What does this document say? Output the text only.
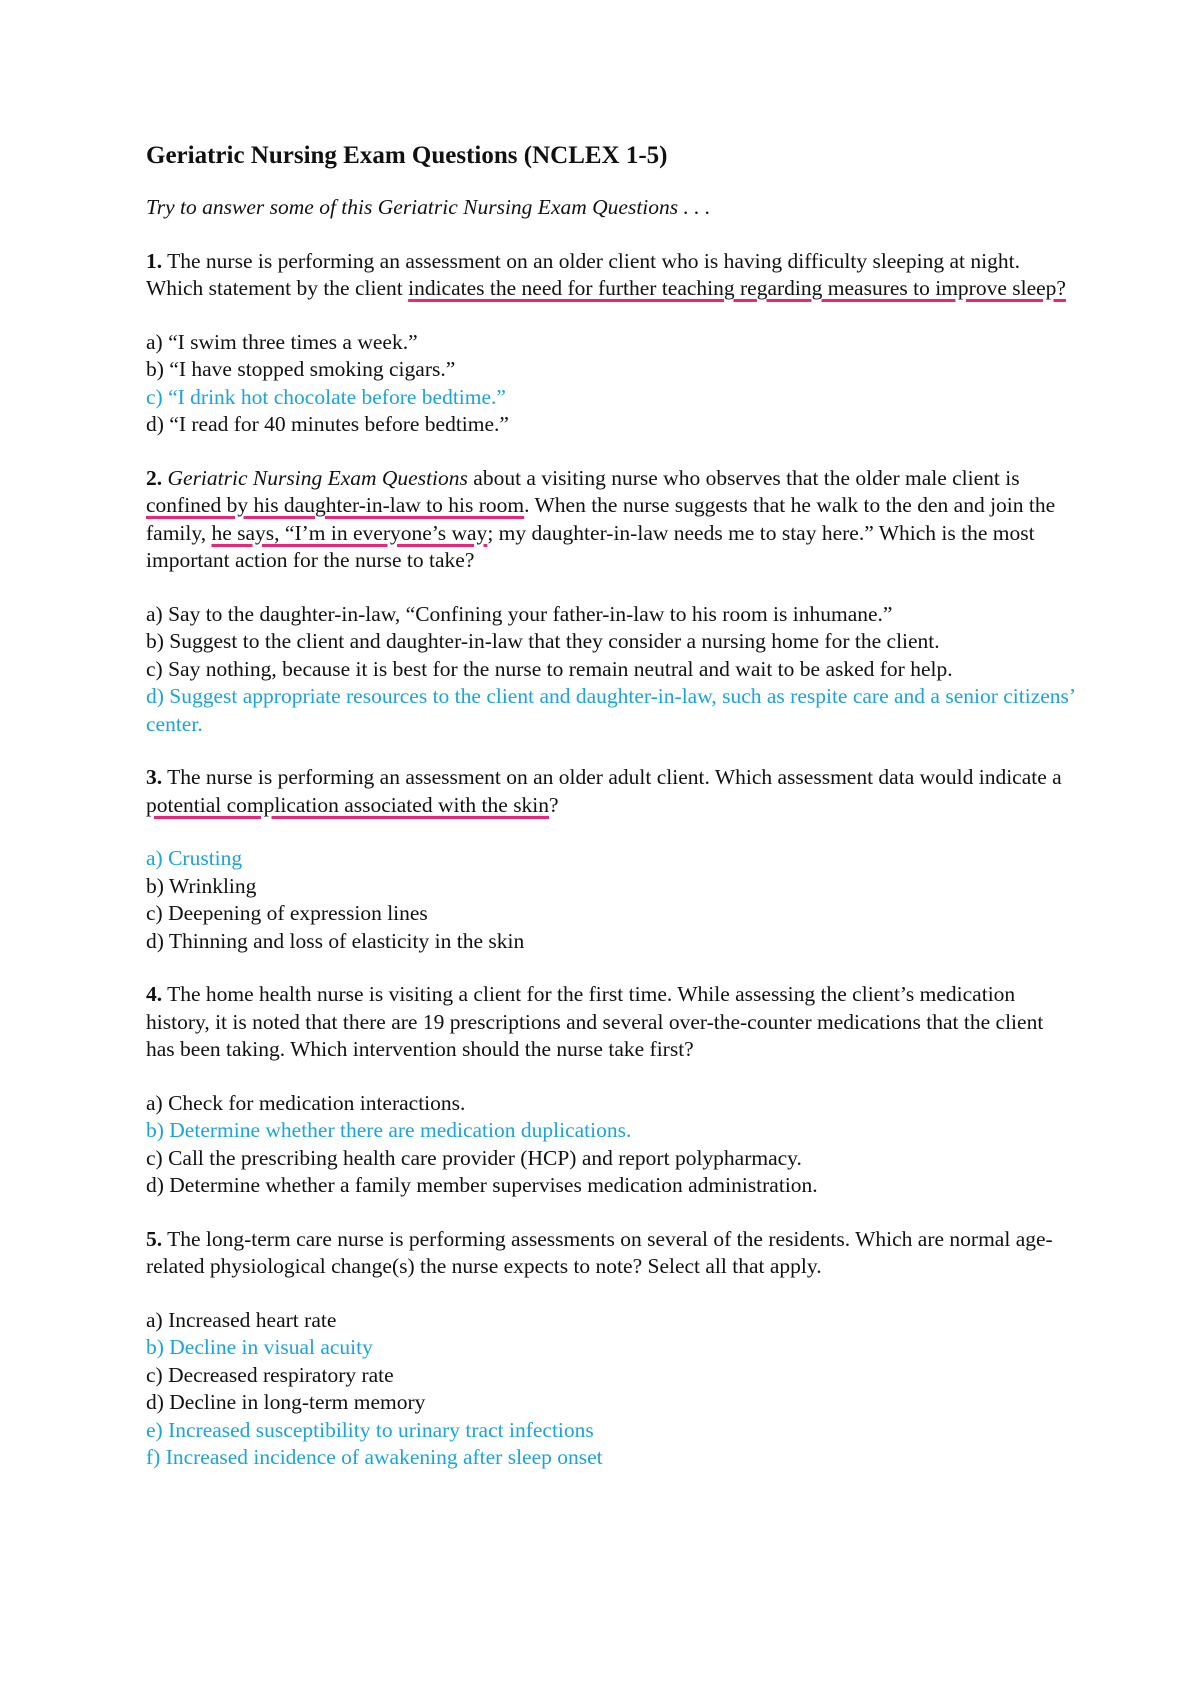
Geriatric Nursing Exam Questions (NCLEX 1-5)
Try to answer some of this Geriatric Nursing Exam Questions . . .
1. The nurse is performing an assessment on an older client who is having difficulty sleeping at night. Which statement by the client indicates the need for further teaching regarding measures to improve sleep?
a) “I swim three times a week.”
b) “I have stopped smoking cigars.”
c) “I drink hot chocolate before bedtime.”
d) “I read for 40 minutes before bedtime.”
2. Geriatric Nursing Exam Questions about a visiting nurse who observes that the older male client is confined by his daughter-in-law to his room. When the nurse suggests that he walk to the den and join the family, he says, “I’m in everyone’s way; my daughter-in-law needs me to stay here.” Which is the most important action for the nurse to take?
a) Say to the daughter-in-law, “Confining your father-in-law to his room is inhumane.”
b) Suggest to the client and daughter-in-law that they consider a nursing home for the client.
c) Say nothing, because it is best for the nurse to remain neutral and wait to be asked for help.
d) Suggest appropriate resources to the client and daughter-in-law, such as respite care and a senior citizens’ center.
3. The nurse is performing an assessment on an older adult client. Which assessment data would indicate a potential complication associated with the skin?
a) Crusting
b) Wrinkling
c) Deepening of expression lines
d) Thinning and loss of elasticity in the skin
4. The home health nurse is visiting a client for the first time. While assessing the client’s medication history, it is noted that there are 19 prescriptions and several over-the-counter medications that the client has been taking. Which intervention should the nurse take first?
a) Check for medication interactions.
b) Determine whether there are medication duplications.
c) Call the prescribing health care provider (HCP) and report polypharmacy.
d) Determine whether a family member supervises medication administration.
5. The long-term care nurse is performing assessments on several of the residents. Which are normal age-related physiological change(s) the nurse expects to note? Select all that apply.
a) Increased heart rate
b) Decline in visual acuity
c) Decreased respiratory rate
d) Decline in long-term memory
e) Increased susceptibility to urinary tract infections
f) Increased incidence of awakening after sleep onset
